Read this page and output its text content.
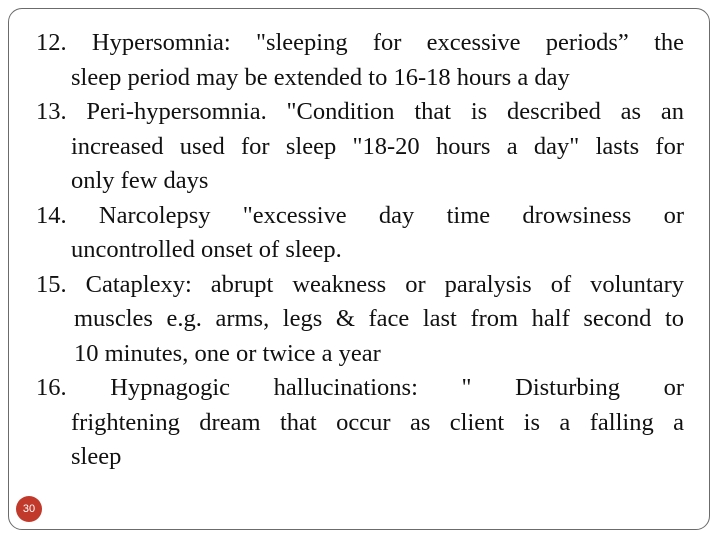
12. Hypersomnia: "sleeping for excessive periods” the
sleep period may be extended to 16-18 hours a day
13. Peri-hypersomnia. "Condition that is described as an
increased used for sleep "18-20 hours a day" lasts for
only few days
14. Narcolepsy "excessive day time drowsiness or
uncontrolled onset of sleep.
15. Cataplexy: abrupt weakness or paralysis of voluntary
muscles e.g. arms, legs & face last from half second to
10 minutes, one or twice a year
16. Hypnagogic hallucinations: " Disturbing or
frightening dream that occur as client is a falling a
sleep
30
